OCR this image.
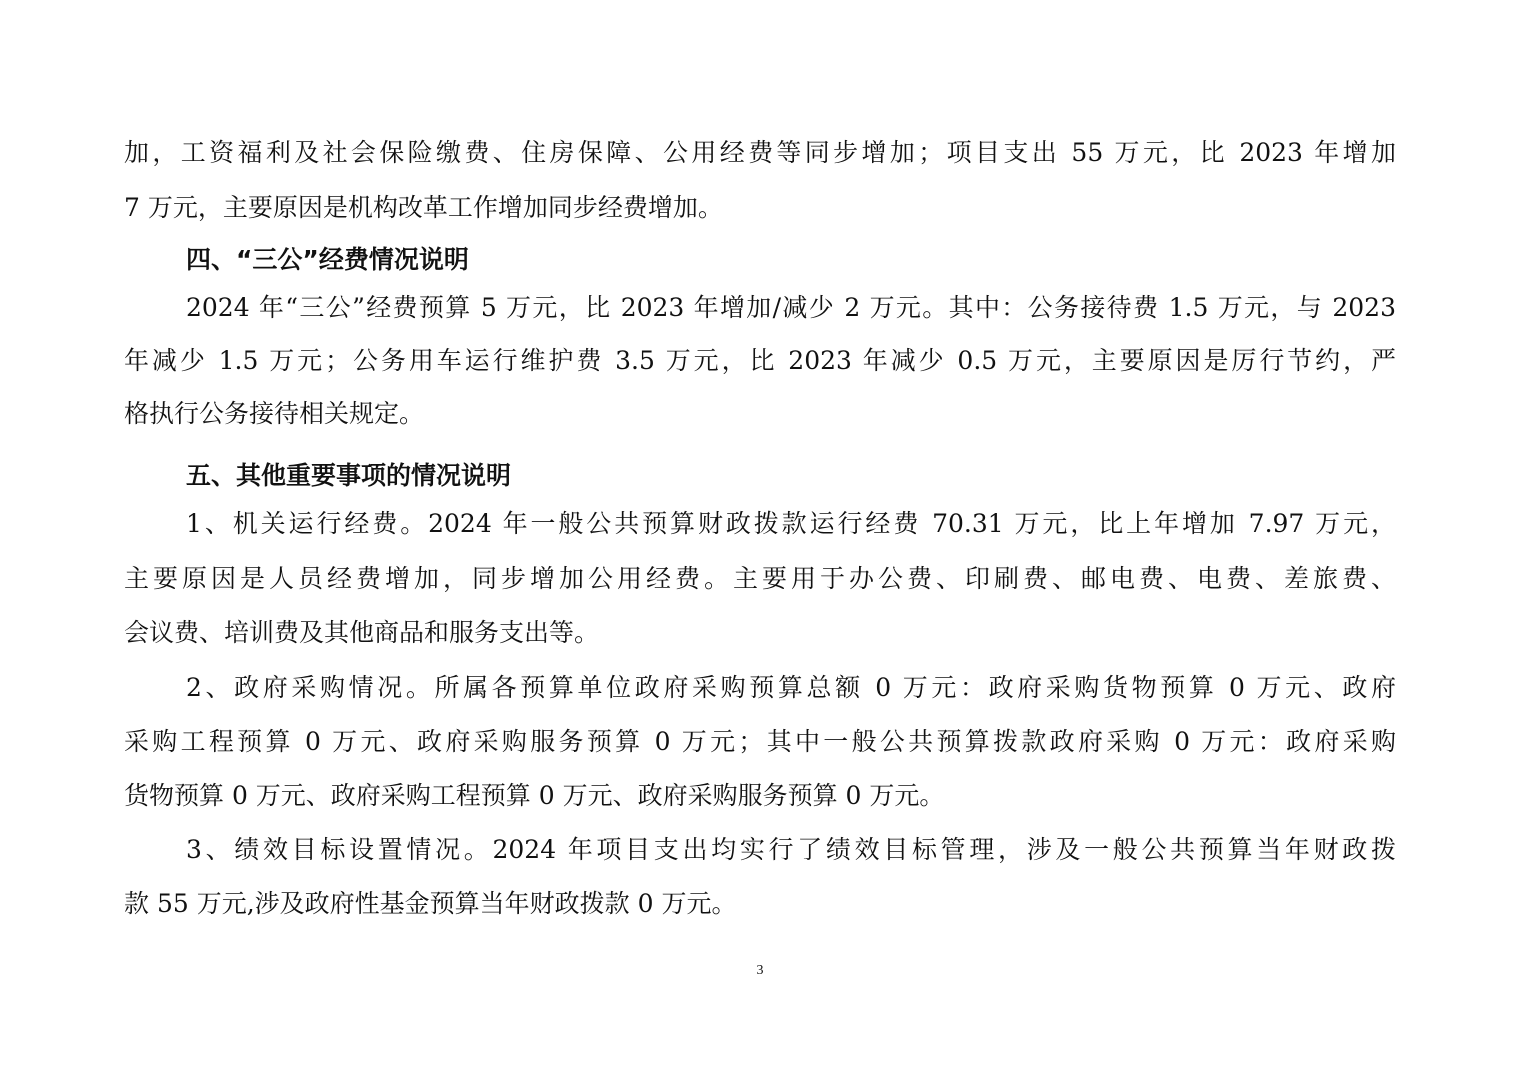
加，工资福利及社会保险缴费、住房保障、公用经费等同步增加；项目支出 55 万元，比 2023 年增加
7 万元，主要原因是机构改革工作增加同步经费增加。
四、“三公”经费情况说明
2024 年“三公”经费预算 5 万元，比 2023 年增加/减少 2 万元。其中：公务接待费 1.5 万元，与 2023
年减少 1.5 万元；公务用车运行维护费 3.5 万元，比 2023 年减少 0.5 万元，主要原因是厉行节约，严
格执行公务接待相关规定。
五、其他重要事项的情况说明
1、机关运行经费。2024 年一般公共预算财政拨款运行经费 70.31 万元，比上年增加 7.97 万元，
主要原因是人员经费增加，同步增加公用经费。主要用于办公费、印刷费、邮电费、电费、差旅费、
会议费、培训费及其他商品和服务支出等。
2、政府采购情况。所属各预算单位政府采购预算总额 0 万元：政府采购货物预算 0 万元、政府
采购工程预算 0 万元、政府采购服务预算 0 万元；其中一般公共预算拨款政府采购 0 万元：政府采购
货物预算 0 万元、政府采购工程预算 0 万元、政府采购服务预算 0 万元。
3、绩效目标设置情况。2024 年项目支出均实行了绩效目标管理，涉及一般公共预算当年财政拨
款 55 万元,涉及政府性基金预算当年财政拨款 0 万元。
3
